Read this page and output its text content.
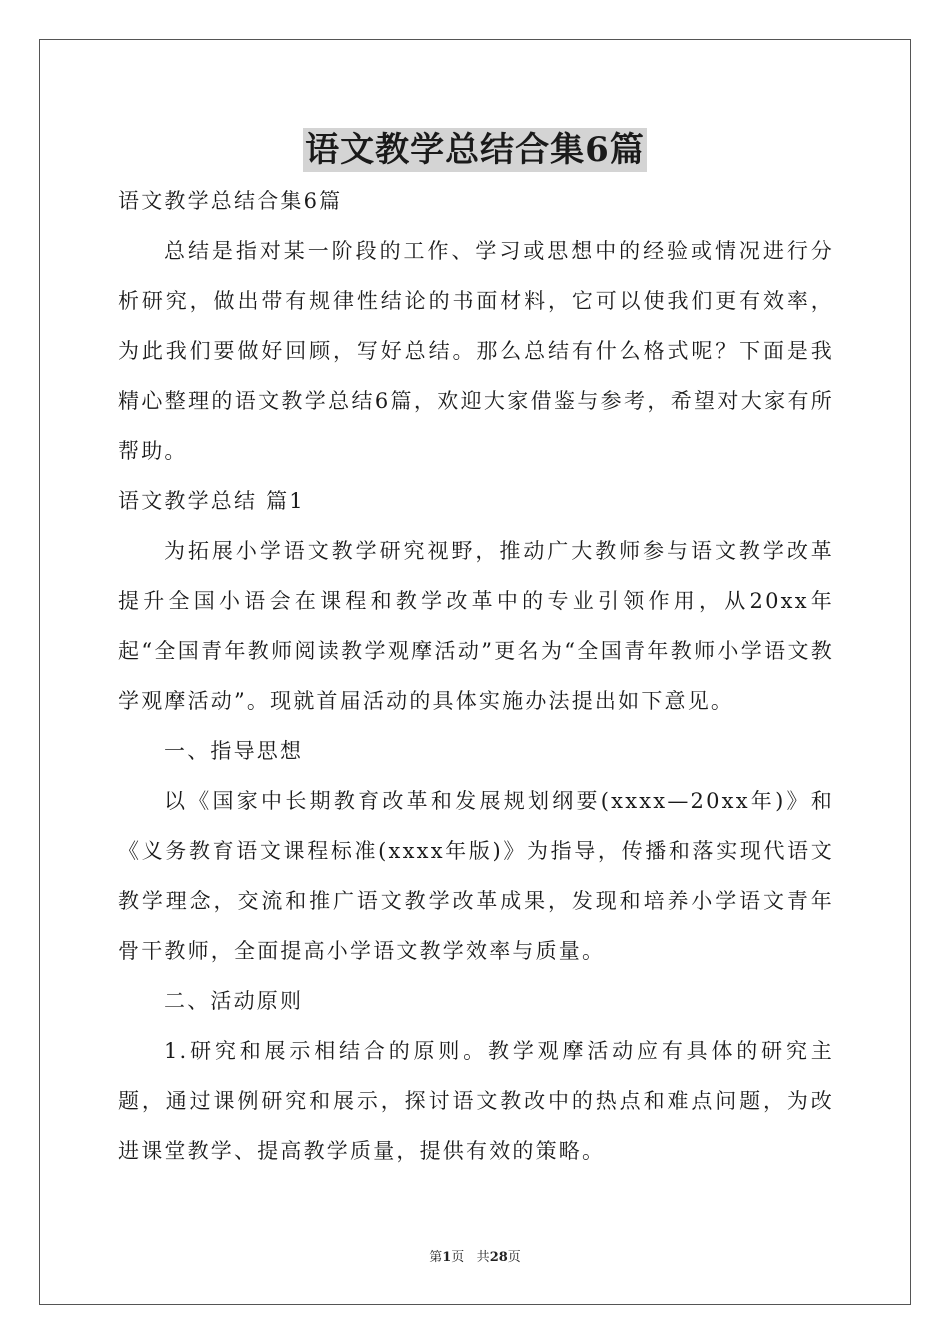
语文教学总结合集6篇
语文教学总结合集6篇

总结是指对某一阶段的工作、学习或思想中的经验或情况进行分析研究，做出带有规律性结论的书面材料，它可以使我们更有效率，为此我们要做好回顾，写好总结。那么总结有什么格式呢？下面是我精心整理的语文教学总结6篇，欢迎大家借鉴与参考，希望对大家有所帮助。

语文教学总结 篇1

为拓展小学语文教学研究视野，推动广大教师参与语文教学改革提升全国小语会在课程和教学改革中的专业引领作用，从20xx年起“全国青年教师阅读教学观摩活动”更名为“全国青年教师小学语文教学观摩活动”。现就首届活动的具体实施办法提出如下意见。

一、指导思想

以《国家中长期教育改革和发展规划纲要(xxxx—20xx年)》和《义务教育语文课程标准(xxxx年版)》为指导，传播和落实现代语文教学理念，交流和推广语文教学改革成果，发现和培养小学语文青年骨干教师，全面提高小学语文教学效率与质量。

二、活动原则

1.研究和展示相结合的原则。教学观摩活动应有具体的研究主题，通过课例研究和展示，探讨语文教改中的热点和难点问题，为改进课堂教学、提高教学质量，提供有效的策略。

第1页 共28页
